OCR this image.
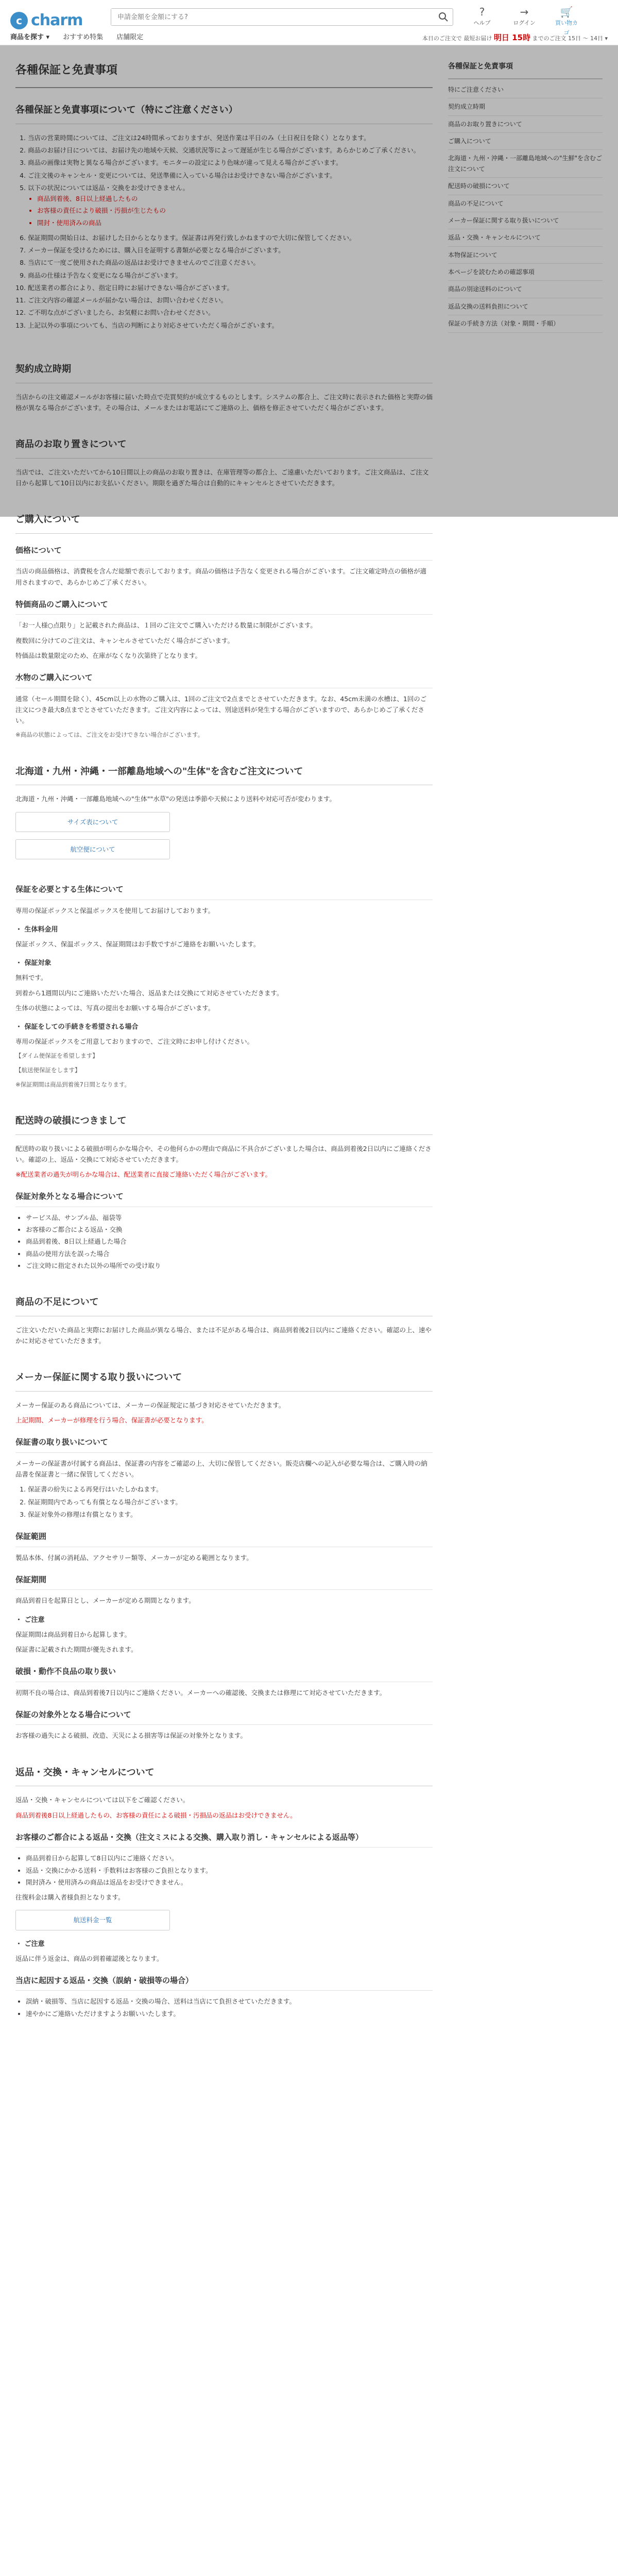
c charm
申請金額を金額にする?	?
ヘルプ
→
ログイン
🛒
買い物カゴ
商品を探す ▾ おすすめ特集 店舗限定	本日のご注文で 最短お届け 明日 15時 までのご注文 15日 ～ 14日 ▾
各種保証と免責事項
各種保証と免責事項について（特にご注意ください）
1. 当店の営業時間については、ご注文は24時間承っておりますが、発送作業は平日のみ（土日祝日を除く）となります。
2. 商品のお届け日については、お届け先の地域や天候、交通状況等によって遅延が生じる場合がございます。あらかじめご了承ください。
3. 商品の画像は実物と異なる場合がございます。モニターの設定により色味が違って見える場合がございます。
4. ご注文後のキャンセル・変更については、発送準備に入っている場合はお受けできない場合がございます。
5. 以下の状況については返品・交換をお受けできません。
• 商品到着後、8日以上経過したもの
• お客様の責任により破損・汚損が生じたもの
• 開封・使用済みの商品
6. 保証期間の開始日は、お届けした日からとなります。保証書は再発行致しかねますので大切に保管してください。
7. メーカー保証を受けるためには、購入日を証明する書類が必要となる場合がございます。
8. 当店にて一度ご使用された商品の返品はお受けできませんのでご注意ください。
9. 商品の仕様は予告なく変更になる場合がございます。
10. 配送業者の都合により、指定日時にお届けできない場合がございます。
11. ご注文内容の確認メールが届かない場合は、お問い合わせください。
12. ご不明な点がございましたら、お気軽にお問い合わせください。
13. 上記以外の事項についても、当店の判断により対応させていただく場合がございます。
契約成立時期

当店からの注文確認メールがお客様に届いた時点で売買契約が成立するものとします。システムの都合上、ご注文時に表示された価格と実際の価格が異なる場合がございます。その場合は、メールまたはお電話にてご連絡の上、価格を修正させていただく場合がございます。

商品のお取り置きについて

当店では、ご注文いただいてから10日間以上の商品のお取り置きは、在庫管理等の都合上、ご遠慮いただいております。ご注文商品は、ご注文日から起算して10日以内にお支払いください。期限を過ぎた場合は自動的にキャンセルとさせていただきます。

ご購入について
価格について

当店の商品価格は、消費税を含んだ総額で表示しております。商品の価格は予告なく変更される場合がございます。ご注文確定時点の価格が適用されますので、あらかじめご了承ください。

特価商品のご購入について

「お一人様○点限り」と記載された商品は、１回のご注文でご購入いただける数量に制限がございます。

複数回に分けてのご注文は、キャンセルさせていただく場合がございます。

特価品は数量限定のため、在庫がなくなり次第終了となります。

水物のご購入について

通常（セール期間を除く）、45cm以上の水物のご購入は、1回のご注文で2点までとさせていただきます。なお、45cm未満の水槽は、1回のご注文につき最大8点までとさせていただきます。ご注文内容によっては、別途送料が発生する場合がございますので、あらかじめご了承ください。

※商品の状態によっては、ご注文をお受けできない場合がございます。

北海道・九州・沖縄・一部離島地域への"生体"を含むご注文について

北海道・九州・沖縄・一部離島地域への"生体""水草"の発送は季節や天候により送料や対応可否が変わります。

サイズ表について
航空便について
保証を必要とする生体について

専用の保証ボックスと保温ボックスを使用してお届けしております。

・ 生体料金用

保証ボックス、保温ボックス、保証期間はお手数ですがご連絡をお願いいたします。

・ 保証対象

無料です。

到着から1週間以内にご連絡いただいた場合、返品または交換にて対応させていただきます。

生体の状態によっては、写真の提出をお願いする場合がございます。

・ 保証をしての手続きを希望される場合

専用の保証ボックスをご用意しておりますので、ご注文時にお申し付けください。

【ダイム便保証を希望します】

【航送便保証をします】

※保証期間は商品到着後7日間となります。

配送時の破損につきまして

配送時の取り扱いによる破損が明らかな場合や、その他何らかの理由で商品に不具合がございました場合は、商品到着後2日以内にご連絡ください。確認の上、返品・交換にて対応させていただきます。

※配送業者の過失が明らかな場合は、配送業者に直接ご連絡いただく場合がございます。

保証対象外となる場合について
• サービス品、サンプル品、福袋等
• お客様のご都合による返品・交換
• 商品到着後、8日以上経過した場合
• 商品の使用方法を誤った場合
• ご注文時に指定された以外の場所での受け取り
商品の不足について

ご注文いただいた商品と実際にお届けした商品が異なる場合、または不足がある場合は、商品到着後2日以内にご連絡ください。確認の上、速やかに対応させていただきます。

メーカー保証に関する取り扱いについて

メーカー保証のある商品については、メーカーの保証規定に基づき対応させていただきます。

上記期間、メーカーが修理を行う場合、保証書が必要となります。

保証書の取り扱いについて

メーカーの保証書が付属する商品は、保証書の内容をご確認の上、大切に保管してください。販売店欄への記入が必要な場合は、ご購入時の納品書を保証書と一緒に保管してください。

1. 保証書の紛失による再発行はいたしかねます。
2. 保証期間内であっても有償となる場合がございます。
3. 保証対象外の修理は有償となります。
保証範囲

製品本体、付属の消耗品、アクセサリー類等、メーカーが定める範囲となります。

保証期間

商品到着日を起算日とし、メーカーが定める期間となります。

・ ご注意

保証期間は商品到着日から起算します。

保証書に記載された期間が優先されます。

破損・動作不良品の取り扱い

初期不良の場合は、商品到着後7日以内にご連絡ください。メーカーへの確認後、交換または修理にて対応させていただきます。

保証の対象外となる場合について

お客様の過失による破損、改造、天災による損害等は保証の対象外となります。

返品・交換・キャンセルについて

返品・交換・キャンセルについては以下をご確認ください。

商品到着後8日以上経過したもの、お客様の責任による破損・汚損品の返品はお受けできません。

お客様のご都合による返品・交換（注文ミスによる交換、購入取り消し・キャンセルによる返品等）
• 商品到着日から起算して8日以内にご連絡ください。
• 返品・交換にかかる送料・手数料はお客様のご負担となります。
• 開封済み・使用済みの商品は返品をお受けできません。

往復料金は購入者様負担となります。

航送料金一覧
・ ご注意

返品に伴う返金は、商品の到着確認後となります。

当店に起因する返品・交換（誤納・破損等の場合）
• 誤納・破損等、当店に起因する返品・交換の場合、送料は当店にて負担させていただきます。
• 速やかにご連絡いただけますようお願いいたします。
各種保証と免責事項
特にご注意ください
契約成立時期
商品のお取り置きについて
ご購入について
北海道・九州・沖縄・一部離島地域への"生鮮"を含むご注文について
配送時の破損について
商品の不足について
メーカー保証に関する取り扱いについて
返品・交換・キャンセルについて
本物保証について
本ページを読むための確認事項
商品の別途送料のについて
返品交換の送料負担について
保証の手続き方法（対象・期間・手順）
